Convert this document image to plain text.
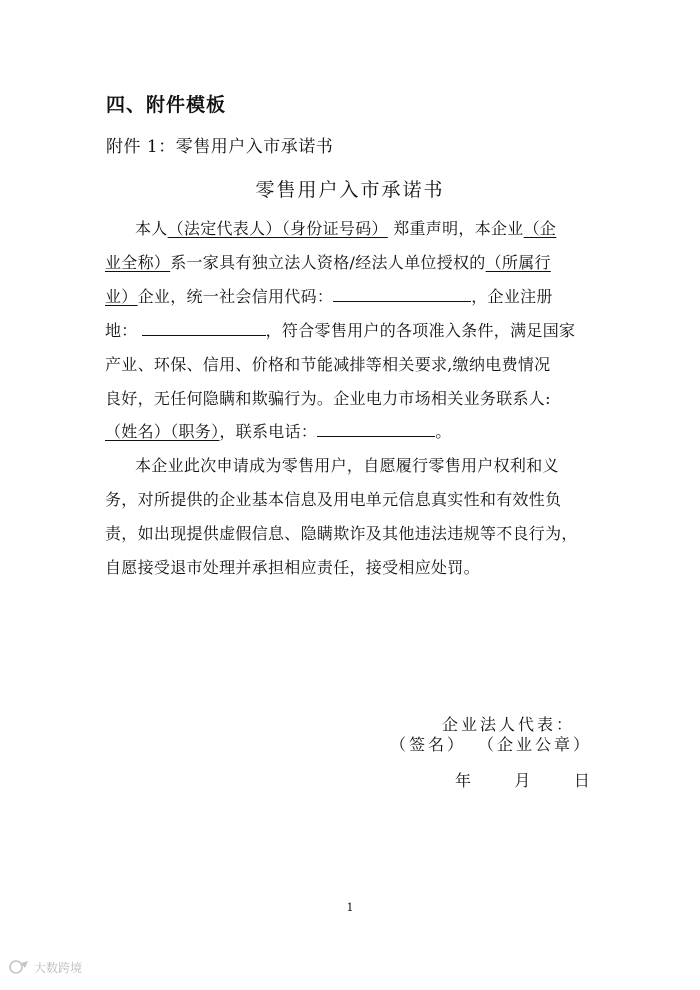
四、附件模板
附件 1：零售用户入市承诺书
零售用户入市承诺书
本人（法定代表人）（身份证号码） 郑重声明，本企业（企
业全称）系一家具有独立法人资格/经法人单位授权的（所属行
业）企业，统一社会信用代码：	，企业注册
地：	，符合零售用户的各项准入条件，满足国家
产业、环保、信用、价格和节能减排等相关要求,缴纳电费情况
良好，无任何隐瞒和欺骗行为。企业电力市场相关业务联系人:
（姓名）（职务），联系电话：	。
本企业此次申请成为零售用户，自愿履行零售用户权利和义
务，对所提供的企业基本信息及用电单元信息真实性和有效性负
责，如出现提供虚假信息、隐瞒欺诈及其他违法违规等不良行为，
自愿接受退市处理并承担相应责任，接受相应处罚。
企业法人代表：
（签名） （企业公章）
年     月     日
1
大数跨境
